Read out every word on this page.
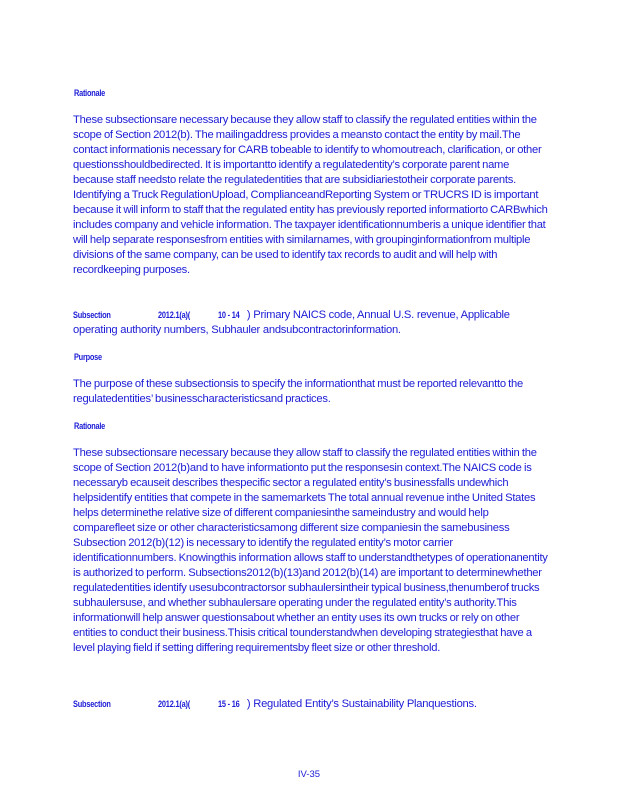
Rationale

These subsectionsare necessary because they allow staff to classify the regulated entities within the scope of Section 2012(b). The mailingaddress provides a meansto contact the entity by mail.The contact informationis necessary for CARB tobeable to identify to whomoutreach, clarification, or other questionsshouldbedirected. It is importantto identify a regulatedentity’s corporate parent name because staff needsto relate the regulatedentities that are subsidiariestotheir corporate parents. Identifying a Truck RegulationUpload, ComplianceandReporting System or TRUCRS ID is important because it will inform to staff that the regulated entity has previously reported informatiorto CARBwhich includes company and vehicle information. The taxpayer identificationnumberis a unique identifier that will help separate responsesfrom entities with similarnames, with groupinginformationfrom multiple divisions of the same company, can be used to identify tax records to audit and will help with recordkeeping purposes.

Subsection	2012.1(a)(	10 - 14 ) Primary NAICS code, Annual U.S. revenue, Applicable operating authority numbers, Subhauler andsubcontractorinformation.

Purpose

The purpose of these subsectionsis to specify the informationthat must be reported relevantto the regulatedentities’ businesscharacteristicsand practices.

Rationale

These subsectionsare necessary because they allow staff to classify the regulated entities within the scope of Section 2012(b)and to have informationto put the responsesin context.The NAICS code is necessaryb ecauseit describes thespecific sector a regulated entity’s businessfalls undewhich helpsidentify entities that compete in the samemarkets The total annual revenue inthe United States helps determinethe relative size of different companiesinthe sameindustry and would help comparefleet size or other characteristicsamong different size companiesin the samebusiness Subsection 2012(b)(12) is necessary to identify the regulated entity’s motor carrier identificationnumbers. Knowingthis information allows staff to understandthetypes of operationanentity is authorized to perform. Subsections2012(b)(13)and 2012(b)(14) are important to determinewhether regulatedentities identify usesubcontractorsor subhaulersintheir typical business,thenumberof trucks subhaulersuse, and whether subhaulersare operating under the regulated entity’s authority.This informationwill help answer questionsabout whether an entity uses its own trucks or rely on other entities to conduct their business.Thisis critical tounderstandwhen developing strategiesthat have a level playing field if setting differing requirementsby fleet size or other threshold.

Subsection	2012.1(a)(	15 - 16 ) Regulated Entity’s Sustainability Planquestions.

IV-35
